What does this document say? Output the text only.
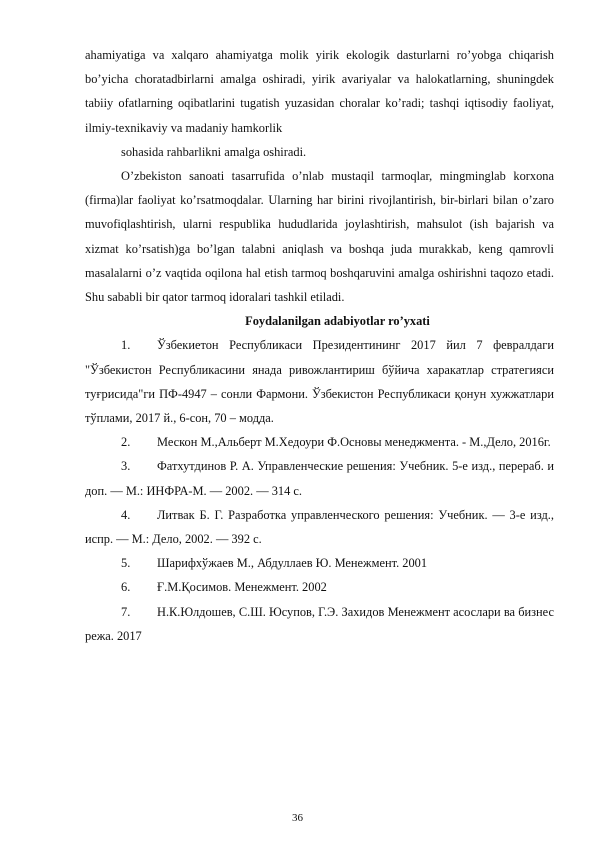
ahamiyatiga va xalqaro ahamiyatga molik yirik ekologik dasturlarni ro’yobga chiqarish bo’yicha choratadbirlarni amalga oshiradi, yirik avariyalar va halokatlarning, shuningdek tabiiy ofatlarning oqibatlarini tugatish yuzasidan choralar ko’radi; tashqi iqtisodiy faoliyat, ilmiy-texnikaviy va madaniy hamkorlik

sohasida rahbarlikni amalga oshiradi.

O’zbekiston sanoati tasarrufida o’nlab mustaqil tarmoqlar, mingminglab korxona (firma)lar faoliyat ko’rsatmoqdalar. Ularning har birini rivojlantirish, bir-birlari bilan o’zaro muvofiqlashtirish, ularni respublika hududlarida joylashtirish, mahsulot (ish bajarish va xizmat ko’rsatish)ga bo’lgan talabni aniqlash va boshqa juda murakkab, keng qamrovli masalalarni o’z vaqtida oqilona hal etish tarmoq boshqaruvini amalga oshirishni taqozo etadi. Shu sababli bir qator tarmoq idoralari tashkil etiladi.

Foydalanilgan adabiyotlar ro’yxati

1.	Ўзбекиетон Республикаси Президентининг 2017 йил 7 февралдаги "Ўзбекистон Республикасини янада ривожлантириш бўйича харакатлар стратегияси туғрисида"ги ПФ-4947 – сонли Фармони. Ўзбекистон Республикаси қонун хужжатлари тўплами, 2017 й., 6-сон, 70 – модда.
2.	Мескон М.,Альберт М.Хедоури Ф.Основы менеджмента. - М.,Дело, 2016г.
3.	Фатхутдинов Р. А. Управленческие решения: Учебник. 5-е изд., перераб. и доп. — М.: ИНФРА-М. — 2002. — 314 с.
4.	Литвак Б. Г. Разработка управленческого решения: Учебник. — 3-е изд., испр. — М.: Дело, 2002. — 392 с.
5.	Шарифхўжаев М., Абдуллаев Ю. Менежмент. 2001
6.	Ғ.М.Қосимов. Менежмент. 2002
7.	Н.К.Юлдошев, С.Ш. Юсупов, Г.Э. Захидов Менежмент асослари ва бизнес режа. 2017
36
